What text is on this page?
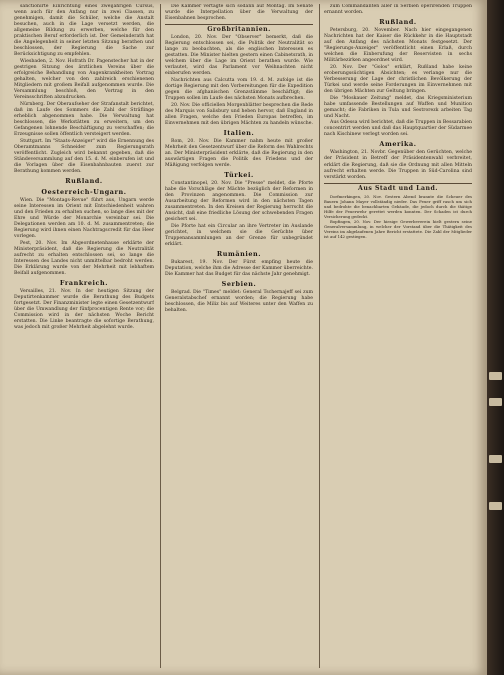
sanctionirte Einrichtung eines zweijährigen Cursus, wenn auch für den Anfang nur in zwei Classen, zu genehmigen, damit die Schüler, welche die Anstalt besuchen, auch in die Lage versetzt werden, die allgemeine Bildung zu erwerben, welche für den praktischen Beruf erforderlich ist. Der Gemeinderath hat die Angelegenheit in seiner letzten Sitzung berathen und beschlossen, der Regierung die Sache zur Berücksichtigung zu empfehlen.

Wiesbaden, 2. Nov. Hofrath Dr. Pagenstecher hat in der gestrigen Sitzung des ärztlichen Vereins über die erfolgreiche Behandlung von Augenkrankheiten Vortrag gehalten, welcher von den zahlreich erschienenen Mitgliedern mit großem Beifall aufgenommen wurde. Die Versammlung beschloß, den Vortrag in den Vereinsschriften abzudrucken.

Nürnberg. Der Oberaufseher der Strafanstalt berichtet, daß im Laufe des Sommers die Zahl der Sträflinge erheblich abgenommen habe. Die Verwaltung hat beschlossen, die Werkstätten zu erweitern, um den Gefangenen lohnende Beschäftigung zu verschaffen; die Erzeugnisse sollen öffentlich versteigert werden.

Stuttgart. Im "Staats-Anzeiger" wird die Ernennung des Oberamtmanns Schneider zum Regierungsrath veröffentlicht. Zugleich wird bekannt gegeben, daß die Ständeversammlung auf den 15. d. M. einberufen ist und die Vorlagen über die Eisenbahnbauten zuerst zur Berathung kommen werden.

Rußland.
Oesterreich-Ungarn.

Wien. Die "Montags-Revue" führt aus, Ungarn werde seine Interessen im Orient mit Entschiedenheit wahren und den Frieden zu erhalten suchen, so lange dies mit der Ehre und Würde der Monarchie vereinbar sei. Die Delegationen werden am 10. d. M. zusammentreten; die Regierung wird ihnen einen Nachtragscredit für das Heer vorlegen.

Pest, 20. Nov. Im Abgeordnetenhause erklärte der Ministerpräsident, daß die Regierung die Neutralität aufrecht zu erhalten entschlossen sei, so lange die Interessen des Landes nicht unmittelbar bedroht werden. Die Erklärung wurde von der Mehrheit mit lebhaftem Beifall aufgenommen.

Frankreich.

Versailles, 21. Nov. In der heutigen Sitzung der Deputirtenkammer wurde die Berathung des Budgets fortgesetzt. Der Finanzminister legte einen Gesetzentwurf über die Umwandlung der fünfprocentigen Rente vor; die Commission wird in der nächsten Woche Bericht erstatten. Die Linke beantragte die sofortige Berathung, was jedoch mit großer Mehrheit abgelehnt wurde.

Die Kammer vertagte sich sodann auf Montag. Im Senate wurde die Interpellation über die Verwaltung der Eisenbahnen besprochen.

Großbritannien.

London, 20. Nov. Der "Observer" bemerkt, daß die Regierung entschlossen sei, die Politik der Neutralität so lange zu beobachten, als die englischen Interessen es gestatten. Die Minister hielten gestern einen Cabinetsrath, in welchem über die Lage im Orient berathen wurde. Wie verlautet, wird das Parlament vor Weihnachten nicht einberufen werden.

Nachrichten aus Calcutta vom 19. d. M. zufolge ist die dortige Regierung mit den Vorbereitungen für die Expedition gegen die afghanischen Grenzstämme beschäftigt; die Truppen sollen im Laufe des nächsten Monats aufbrechen.

20. Nov. Die officiellen Morgenblätter besprechen die Rede des Marquis von Salisbury und heben hervor, daß England in allen Fragen, welche den Frieden Europas betreffen, im Einvernehmen mit den übrigen Mächten zu handeln wünsche.

Italien.

Rom, 20. Nov. Die Kammer nahm heute mit großer Mehrheit den Gesetzentwurf über die Reform des Wahlrechts an. Der Ministerpräsident erklärte, daß die Regierung in den auswärtigen Fragen die Politik des Friedens und der Mäßigung verfolgen werde.

Türkei.

Constantinopel, 20. Nov. Die "Presse" meldet, die Pforte habe die Vorschläge der Mächte bezüglich der Reformen in den Provinzen angenommen. Die Commission zur Ausarbeitung der Reformen wird in den nächsten Tagen zusammentreten. In den Kreisen der Regierung herrscht die Ansicht, daß eine friedliche Lösung der schwebenden Fragen gesichert sei.

Die Pforte hat ein Circular an ihre Vertreter im Auslande gerichtet, in welchem sie die Gerüchte über Truppenansammlungen an der Grenze für unbegründet erklärt.

Rumänien.

Bukarest, 19. Nov. Der Fürst empfing heute die Deputation, welche ihm die Adresse der Kammer überreichte. Die Kammer hat das Budget für das nächste Jahr genehmigt.

Serbien.

Belgrad. Die "Times" meldet: General Tschernajeff sei zum Generalstabschef ernannt worden; die Regierung habe beschlossen, die Miliz bis auf Weiteres unter den Waffen zu behalten.

zum Commandanten aller in Serbien operirenden Truppen ernannt worden.

Rußland.

Petersburg, 20. November. Nach hier eingegangenen Nachrichten hat der Kaiser die Rückkehr in die Hauptstadt auf den Anfang des nächsten Monats festgesetzt. Der "Regierungs-Anzeiger" veröffentlicht einen Erlaß, durch welchen die Einberufung der Reservisten in sechs Militärbezirken angeordnet wird.

20. Nov. Der "Golos" erklärt, Rußland habe keine eroberungssüchtigen Absichten; es verlange nur die Verbesserung der Lage der christlichen Bevölkerung der Türkei und werde seine Forderungen im Einvernehmen mit den übrigen Mächten zur Geltung bringen.

Die "Moskauer Zeitung" meldet, das Kriegsministerium habe umfassende Bestellungen auf Waffen und Munition gemacht; die Fabriken in Tula und Sestrorezk arbeiten Tag und Nacht.

Aus Odessa wird berichtet, daß die Truppen in Bessarabien concentrirt werden und daß das Hauptquartier der Südarmee nach Kischinew verlegt worden sei.

Amerika.

Washington, 21. Novbr. Gegenüber den Gerüchten, welche der Präsident in Betreff der Präsidentenwahl verbreitet, erklärt die Regierung, daß sie die Ordnung mit allen Mitteln aufrecht erhalten werde. Die Truppen in Süd-Carolina sind verstärkt worden.

Aus Stadt und Land.

Dorfmerkingen, 20. Nov. Gestern Abend brannte die Scheuer des Bauern Johann Mayer vollständig nieder. Das Feuer griff rasch um sich und bedrohte die benachbarten Gebäude, die jedoch durch die thätige Hilfe der Feuerwehr gerettet werden konnten. Der Schaden ist durch Versicherung gedeckt.

Bopfingen, 20. Nov. Der hiesige Gewerbeverein hielt gestern seine Generalversammlung, in welcher der Vorstand über die Thätigkeit des Vereins im abgelaufenen Jahre Bericht erstattete. Die Zahl der Mitglieder ist auf 142 gestiegen.
